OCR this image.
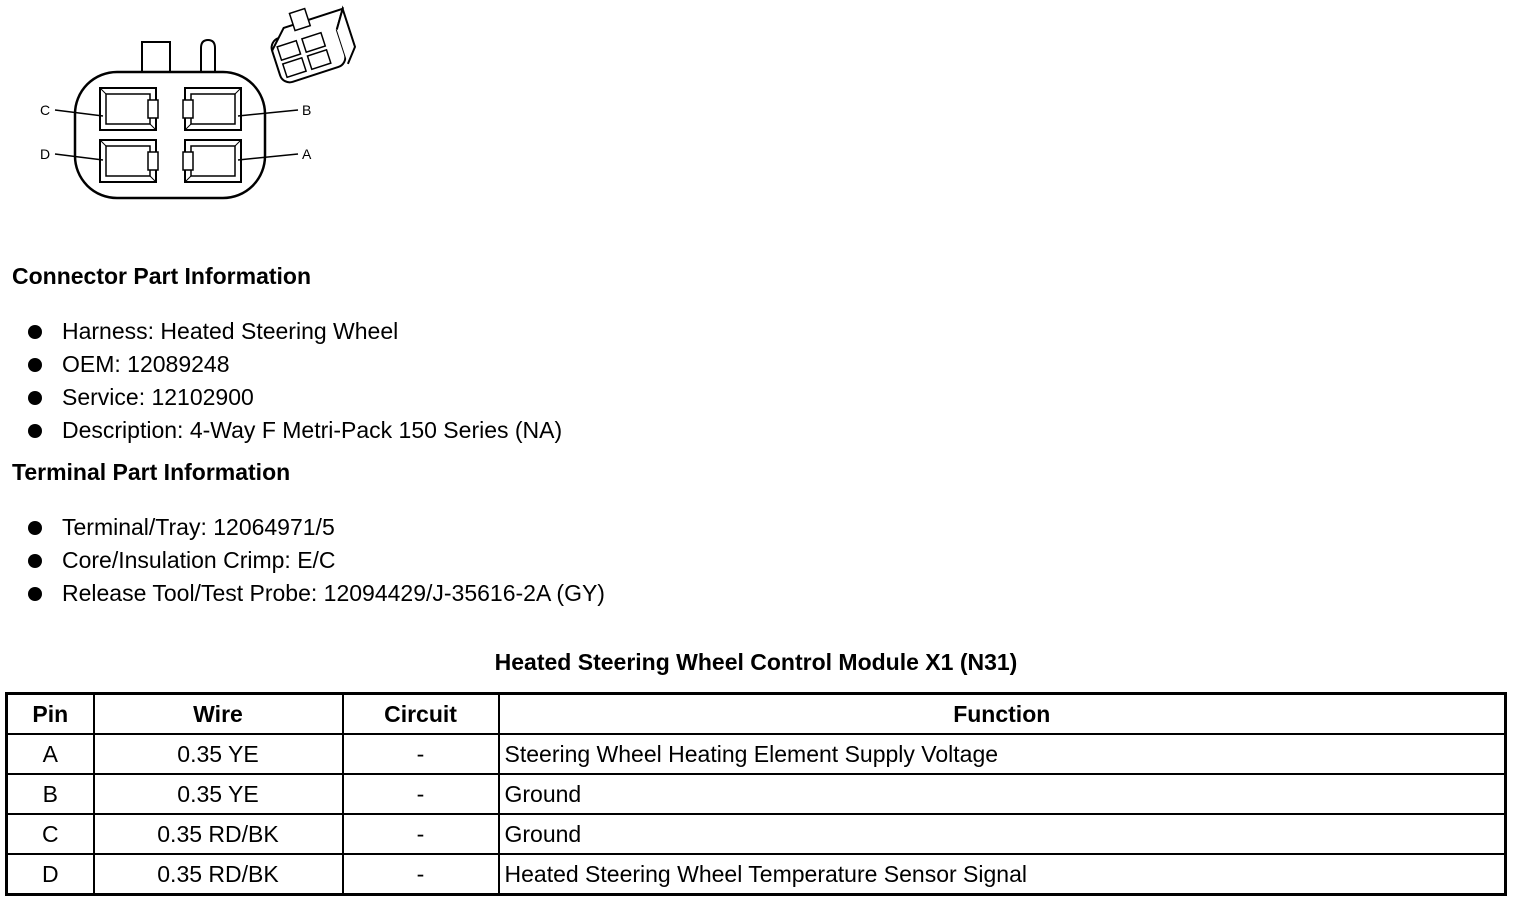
C
D
B
A
Connector Part Information
Harness: Heated Steering Wheel
OEM: 12089248
Service: 12102900
Description: 4-Way F Metri-Pack 150 Series (NA)
Terminal Part Information
Terminal/Tray: 12064971/5
Core/Insulation Crimp: E/C
Release Tool/Test Probe: 12094429/J-35616-2A (GY)
Heated Steering Wheel Control Module X1 (N31)
Pin	Wire	Circuit	Function
A	0.35 YE	-	Steering Wheel Heating Element Supply Voltage
B	0.35 YE	-	Ground
C	0.35 RD/BK	-	Ground
D	0.35 RD/BK	-	Heated Steering Wheel Temperature Sensor Signal
